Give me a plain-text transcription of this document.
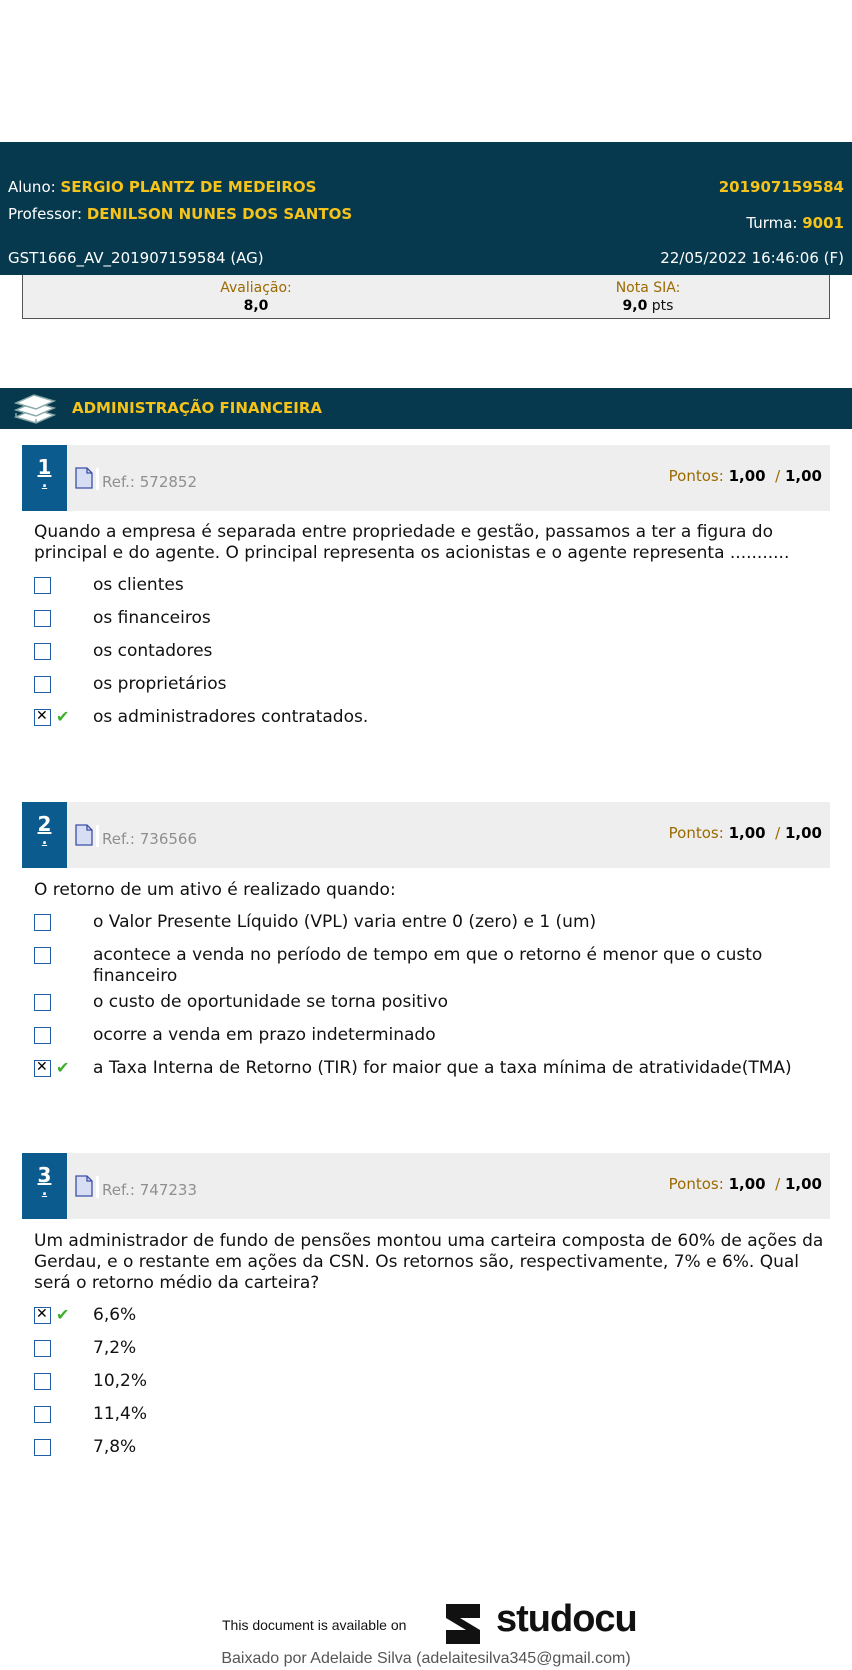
Aluno: SERGIO PLANTZ DE MEDEIROS	201907159584
Professor: DENILSON NUNES DOS SANTOS	Turma: 9001
GST1666_AV_201907159584 (AG)	22/05/2022 16:46:06 (F)
Avaliação:
8,0
Nota SIA:
9,0 pts
ADMINISTRAÇÃO FINANCEIRA
1
.	Ref.: 572852	Pontos: 1,00 / 1,00
Quando a empresa é separada entre propriedade e gestão, passamos a ter a figura do principal e do agente. O principal representa os acionistas e o agente representa ...........
os clientes
os financeiros
os contadores
os proprietários
✕
✔ os administradores contratados.
2
.	Ref.: 736566	Pontos: 1,00 / 1,00
O retorno de um ativo é realizado quando:
o Valor Presente Líquido (VPL) varia entre 0 (zero) e 1 (um)
acontece a venda no período de tempo em que o retorno é menor que o custo financeiro
o custo de oportunidade se torna positivo
ocorre a venda em prazo indeterminado
✕
✔ a Taxa Interna de Retorno (TIR) for maior que a taxa mínima de atratividade(TMA)
3
.	Ref.: 747233	Pontos: 1,00 / 1,00
Um administrador de fundo de pensões montou uma carteira composta de 60% de ações da Gerdau, e o restante em ações da CSN. Os retornos são, respectivamente, 7% e 6%. Qual será o retorno médio da carteira?
✕
✔ 6,6%
7,2%
10,2%
11,4%
7,8%
This document is available on studocu
Baixado por Adelaide Silva (adelaitesilva345@gmail.com)
